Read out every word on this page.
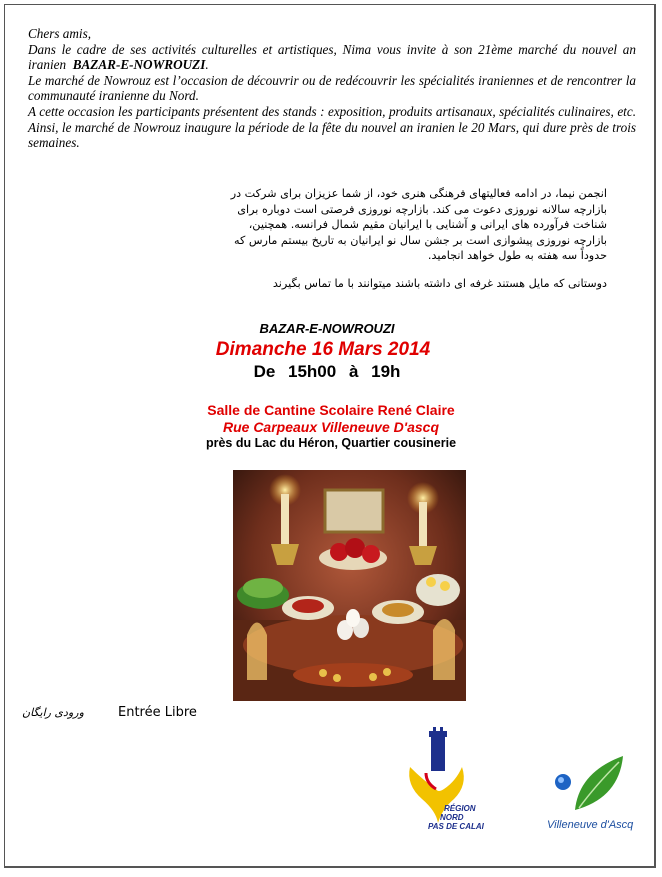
Chers amis,

Dans le cadre de ses activités culturelles et artistiques, Nima vous invite à son 21ème marché du nouvel an iranien BAZAR-E-NOWROUZI.

Le marché de Nowrouz est l’occasion de découvrir ou de redécouvrir les spécialités iraniennes et de rencontrer la communauté iranienne du Nord.

A cette occasion les participants présentent des stands : exposition, produits artisanaux, spécialités culinaires, etc. Ainsi, le marché de Nowrouz inaugure la période de la fête du nouvel an iranien le 20 Mars, qui dure près de trois semaines.

انجمن نیما، در ادامه فعالیتهای فرهنگی هنری خود، از شما عزیزان برای شرکت در بازارچه سالانه نوروزی دعوت می کند. بازارچه نوروزی فرصتی است دوباره برای شناخت فرآورده های ایرانی و آشنایی با ایرانیان مقیم شمال فرانسه. همچنین، بازارچه نوروزی پیشوازی است بر جشن سال نو ایرانیان به تاریخ بیستم مارس که حدوداً سه هفته به طول خواهد انجامید.

دوستانی که مایل هستند غرفه ای داشته باشند میتوانند با ما تماس بگیرند

BAZAR-E-NOWROUZI
Dimanche 16 Mars 2014
De 15h00 à 19h
Salle de Cantine Scolaire René Claire
Rue Carpeaux Villeneuve D'ascq
près du Lac du Héron, Quartier cousinerie
ورودی رایگان	Entrée Libre
RÉGION
NORD
PAS DE CALAIS	Villeneuve d'Ascq
